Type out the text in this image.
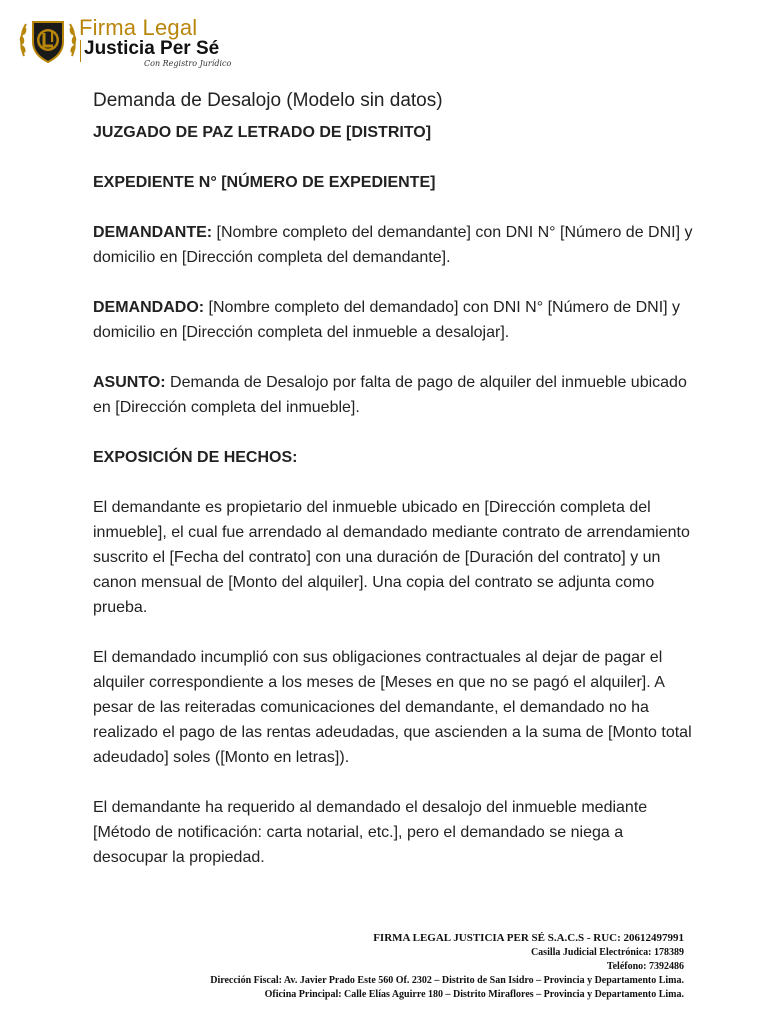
Firma Legal
Justicia Per Sé
Con Registro Jurídico
Demanda de Desalojo (Modelo sin datos)

JUZGADO DE PAZ LETRADO DE [DISTRITO]

EXPEDIENTE N° [NÚMERO DE EXPEDIENTE]

DEMANDANTE: [Nombre completo del demandante] con DNI N° [Número de DNI] y domicilio en [Dirección completa del demandante].

DEMANDADO: [Nombre completo del demandado] con DNI N° [Número de DNI] y domicilio en [Dirección completa del inmueble a desalojar].

ASUNTO: Demanda de Desalojo por falta de pago de alquiler del inmueble ubicado en [Dirección completa del inmueble].

EXPOSICIÓN DE HECHOS:

El demandante es propietario del inmueble ubicado en [Dirección completa del inmueble], el cual fue arrendado al demandado mediante contrato de arrendamiento suscrito el [Fecha del contrato] con una duración de [Duración del contrato] y un canon mensual de [Monto del alquiler]. Una copia del contrato se adjunta como prueba.

El demandado incumplió con sus obligaciones contractuales al dejar de pagar el alquiler correspondiente a los meses de [Meses en que no se pagó el alquiler]. A pesar de las reiteradas comunicaciones del demandante, el demandado no ha realizado el pago de las rentas adeudadas, que ascienden a la suma de [Monto total adeudado] soles ([Monto en letras]).

El demandante ha requerido al demandado el desalojo del inmueble mediante [Método de notificación: carta notarial, etc.], pero el demandado se niega a desocupar la propiedad.

FIRMA LEGAL JUSTICIA PER SÉ S.A.C.S - RUC: 20612497991
Casilla Judicial Electrónica: 178389
Teléfono: 7392486
Dirección Fiscal: Av. Javier Prado Este 560 Of. 2302 – Distrito de San Isidro – Provincia y Departamento Lima.
Oficina Principal: Calle Elías Aguirre 180 – Distrito Miraflores – Provincia y Departamento Lima.
